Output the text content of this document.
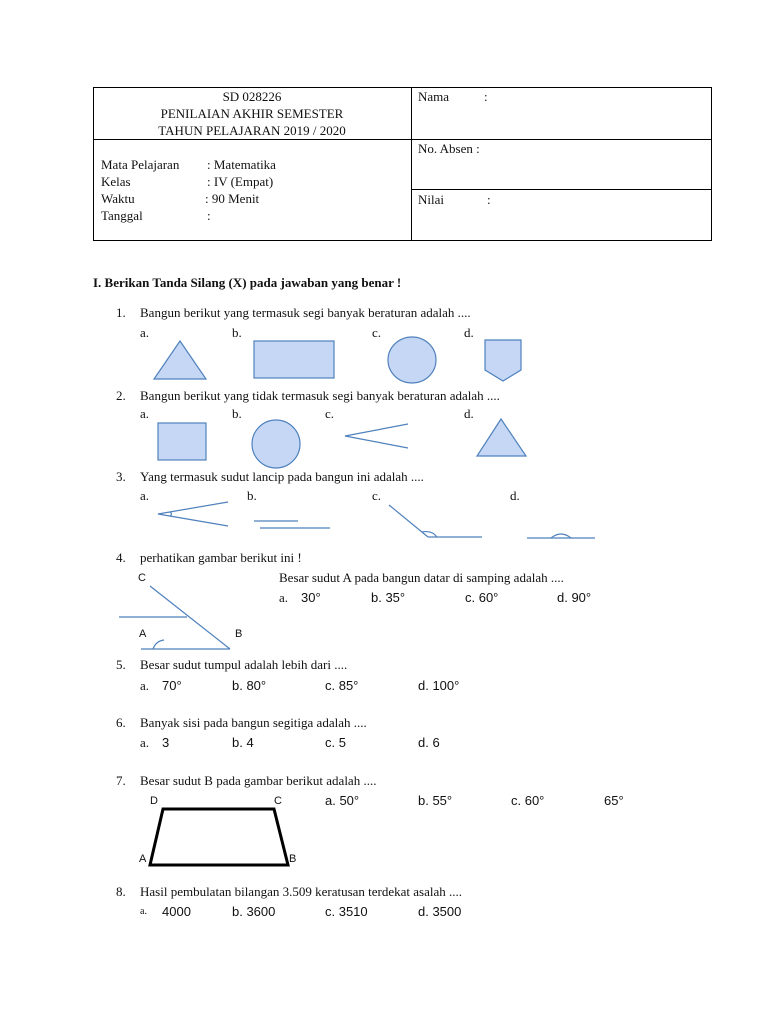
SD 028226
PENILAIAN AKHIR SEMESTER
TAHUN PELAJARAN 2019 / 2020
Mata Pelajaran : Matematika
Kelas	: IV (Empat)
Waktu	: 90 Menit
Tanggal	:
Nama	:
No. Absen :
Nilai	:
I. Berikan Tanda Silang (X) pada jawaban yang benar !
1. Bangun berikut yang termasuk segi banyak beraturan adalah ....
a.	b.	c.	d.
2. Bangun berikut yang tidak termasuk segi banyak beraturan adalah ....
a.	b.	c.	d.
3. Yang termasuk sudut lancip pada bangun ini adalah ....
a.	b.	c.	d.
4. perhatikan gambar berikut ini !
C
A	B
Besar sudut A pada bangun datar di samping adalah ....
a. 30°	b. 35°	c. 60°	d. 90°
5. Besar sudut tumpul adalah lebih dari ....
a. 70°	b. 80°	c. 85°	d. 100°
6. Banyak sisi pada bangun segitiga adalah ....
a. 3	b. 4	c. 5	d. 6
7. Besar sudut B pada gambar berikut adalah ....
D	C
A	B
a. 50°	b. 55°	c. 60°	65°
8. Hasil pembulatan bilangan 3.509 keratusan terdekat asalah ....
a. 4000	b. 3600	c. 3510	d. 3500
